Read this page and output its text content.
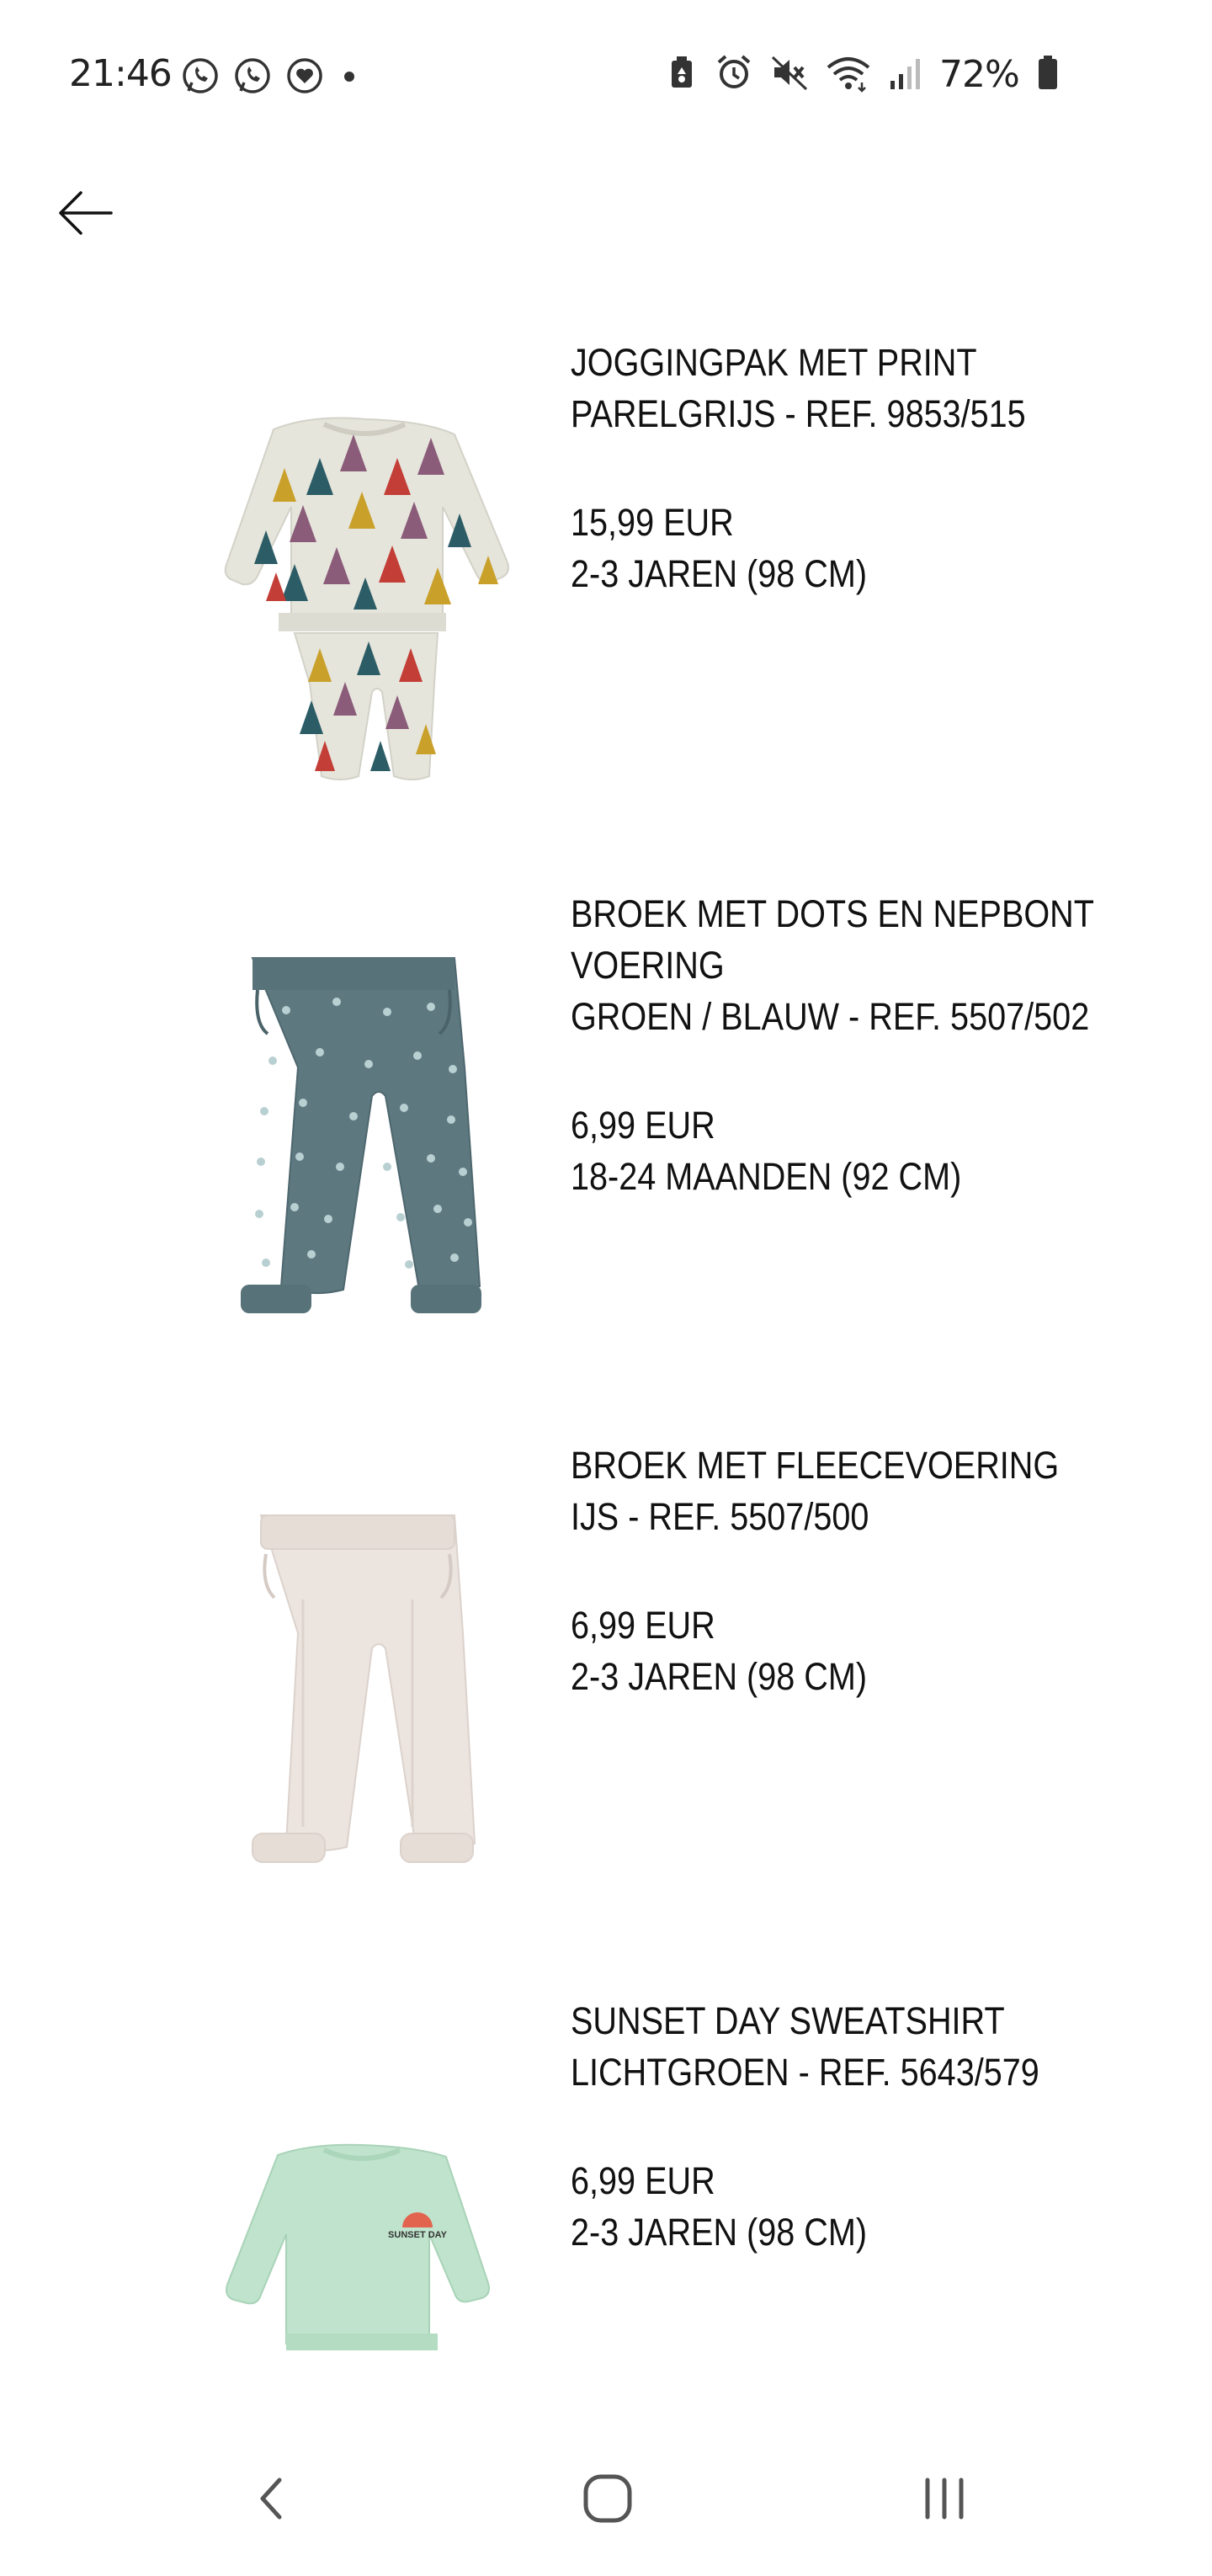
21:46	72%
JOGGINGPAK MET PRINT
PARELGRIJS - REF. 9853/515
15,99 EUR
2-3 JAREN (98 CM)
BROEK MET DOTS EN NEPBONT
VOERING
GROEN / BLAUW - REF. 5507/502
6,99 EUR
18-24 MAANDEN (92 CM)
BROEK MET FLEECEVOERING
IJS - REF. 5507/500
6,99 EUR
2-3 JAREN (98 CM)
SUNSET DAY
SUNSET DAY SWEATSHIRT
LICHTGROEN - REF. 5643/579
6,99 EUR
2-3 JAREN (98 CM)
